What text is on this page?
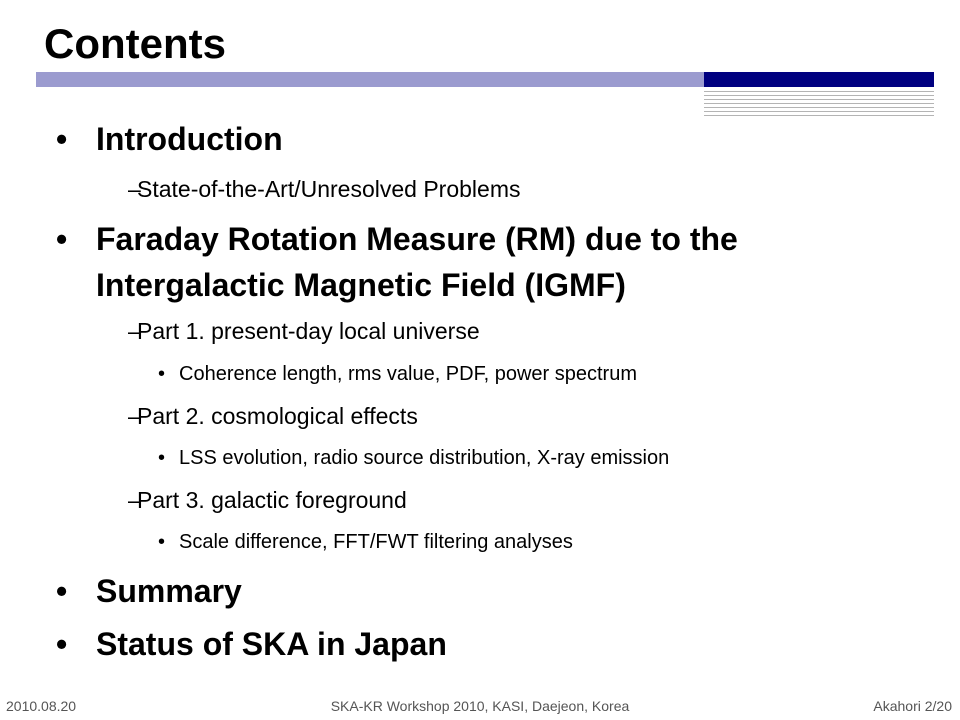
Contents
• Introduction
–
State-of-the-Art/Unresolved Problems
• Faraday Rotation Measure (RM) due to the
Intergalactic Magnetic Field (IGMF)
–
Part 1. present-day local universe
• Coherence length, rms value, PDF, power spectrum
–
Part 2. cosmological effects
• LSS evolution, radio source distribution, X-ray emission
–
Part 3. galactic foreground
• Scale difference, FFT/FWT filtering analyses
• Summary
• Status of SKA in Japan
2010.08.20	SKA-KR Workshop 2010, KASI, Daejeon, Korea	Akahori 2/20
